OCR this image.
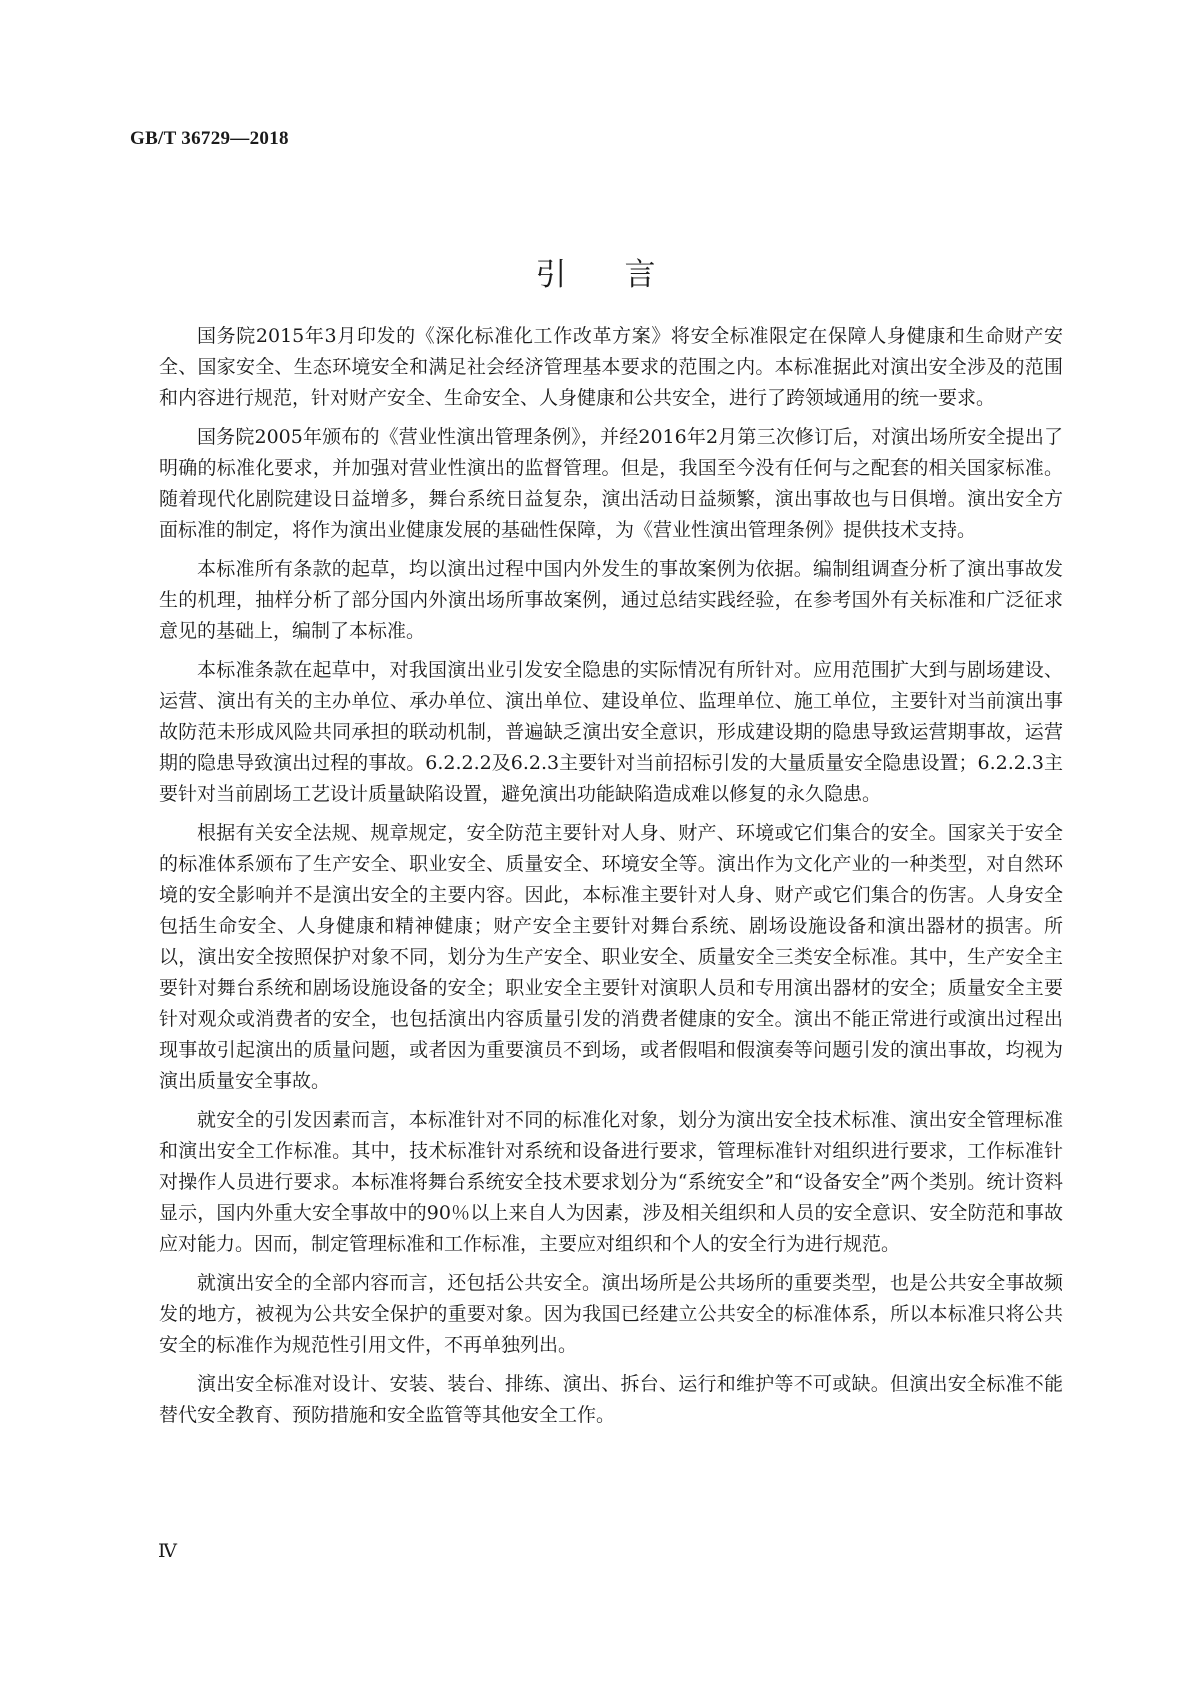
GB/T 36729—2018
引言

国务院2015年3月印发的《深化标准化工作改革方案》将安全标准限定在保障人身健康和生命财产安全、国家安全、生态环境安全和满足社会经济管理基本要求的范围之内。本标准据此对演出安全涉及的范围和内容进行规范，针对财产安全、生命安全、人身健康和公共安全，进行了跨领域通用的统一要求。

国务院2005年颁布的《营业性演出管理条例》，并经2016年2月第三次修订后，对演出场所安全提出了明确的标准化要求，并加强对营业性演出的监督管理。但是，我国至今没有任何与之配套的相关国家标准。随着现代化剧院建设日益增多，舞台系统日益复杂，演出活动日益频繁，演出事故也与日俱增。演出安全方面标准的制定，将作为演出业健康发展的基础性保障，为《营业性演出管理条例》提供技术支持。

本标准所有条款的起草，均以演出过程中国内外发生的事故案例为依据。编制组调查分析了演出事故发生的机理，抽样分析了部分国内外演出场所事故案例，通过总结实践经验，在参考国外有关标准和广泛征求意见的基础上，编制了本标准。

本标准条款在起草中，对我国演出业引发安全隐患的实际情况有所针对。应用范围扩大到与剧场建设、运营、演出有关的主办单位、承办单位、演出单位、建设单位、监理单位、施工单位，主要针对当前演出事故防范未形成风险共同承担的联动机制，普遍缺乏演出安全意识，形成建设期的隐患导致运营期事故，运营期的隐患导致演出过程的事故。6.2.2.2及6.2.3主要针对当前招标引发的大量质量安全隐患设置；6.2.2.3主要针对当前剧场工艺设计质量缺陷设置，避免演出功能缺陷造成难以修复的永久隐患。

根据有关安全法规、规章规定，安全防范主要针对人身、财产、环境或它们集合的安全。国家关于安全的标准体系颁布了生产安全、职业安全、质量安全、环境安全等。演出作为文化产业的一种类型，对自然环境的安全影响并不是演出安全的主要内容。因此，本标准主要针对人身、财产或它们集合的伤害。人身安全包括生命安全、人身健康和精神健康；财产安全主要针对舞台系统、剧场设施设备和演出器材的损害。所以，演出安全按照保护对象不同，划分为生产安全、职业安全、质量安全三类安全标准。其中，生产安全主要针对舞台系统和剧场设施设备的安全；职业安全主要针对演职人员和专用演出器材的安全；质量安全主要针对观众或消费者的安全，也包括演出内容质量引发的消费者健康的安全。演出不能正常进行或演出过程出现事故引起演出的质量问题，或者因为重要演员不到场，或者假唱和假演奏等问题引发的演出事故，均视为演出质量安全事故。

就安全的引发因素而言，本标准针对不同的标准化对象，划分为演出安全技术标准、演出安全管理标准和演出安全工作标准。其中，技术标准针对系统和设备进行要求，管理标准针对组织进行要求，工作标准针对操作人员进行要求。本标准将舞台系统安全技术要求划分为“系统安全”和“设备安全”两个类别。统计资料显示，国内外重大安全事故中的90％以上来自人为因素，涉及相关组织和人员的安全意识、安全防范和事故应对能力。因而，制定管理标准和工作标准，主要应对组织和个人的安全行为进行规范。

就演出安全的全部内容而言，还包括公共安全。演出场所是公共场所的重要类型，也是公共安全事故频发的地方，被视为公共安全保护的重要对象。因为我国已经建立公共安全的标准体系，所以本标准只将公共安全的标准作为规范性引用文件，不再单独列出。

演出安全标准对设计、安装、装台、排练、演出、拆台、运行和维护等不可或缺。但演出安全标准不能替代安全教育、预防措施和安全监管等其他安全工作。

Ⅳ
